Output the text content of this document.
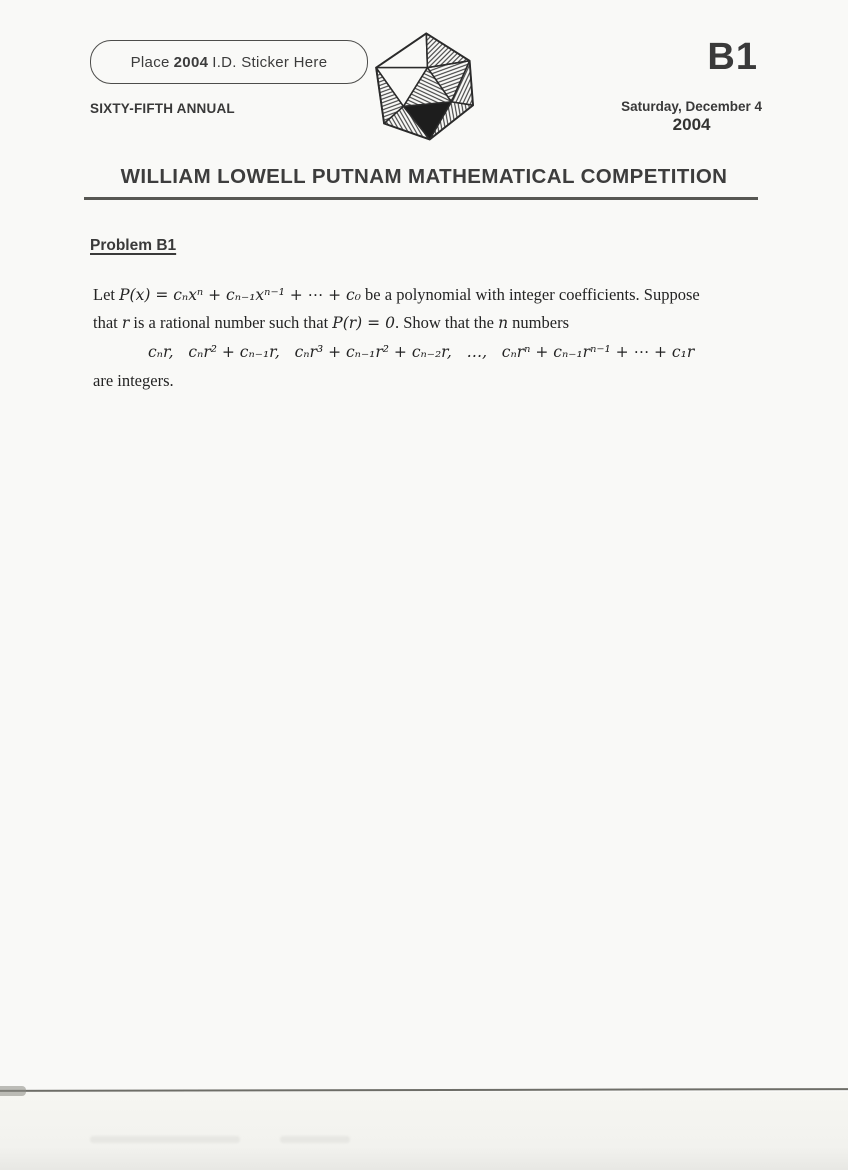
Place 2004 I.D. Sticker Here
SIXTY-FIFTH ANNUAL
B1
Saturday, December 4
2004
WILLIAM LOWELL PUTNAM MATHEMATICAL COMPETITION
Problem B1
Let P(x) = cₙxⁿ + cₙ₋₁xⁿ⁻¹ + ⋯ + c₀ be a polynomial with integer coefficients. Suppose
that r is a rational number such that P(r) = 0. Show that the n numbers
cₙr,   cₙr² + cₙ₋₁r,   cₙr³ + cₙ₋₁r² + cₙ₋₂r,   …,   cₙrⁿ + cₙ₋₁rⁿ⁻¹ + ⋯ + c₁r
are integers.
